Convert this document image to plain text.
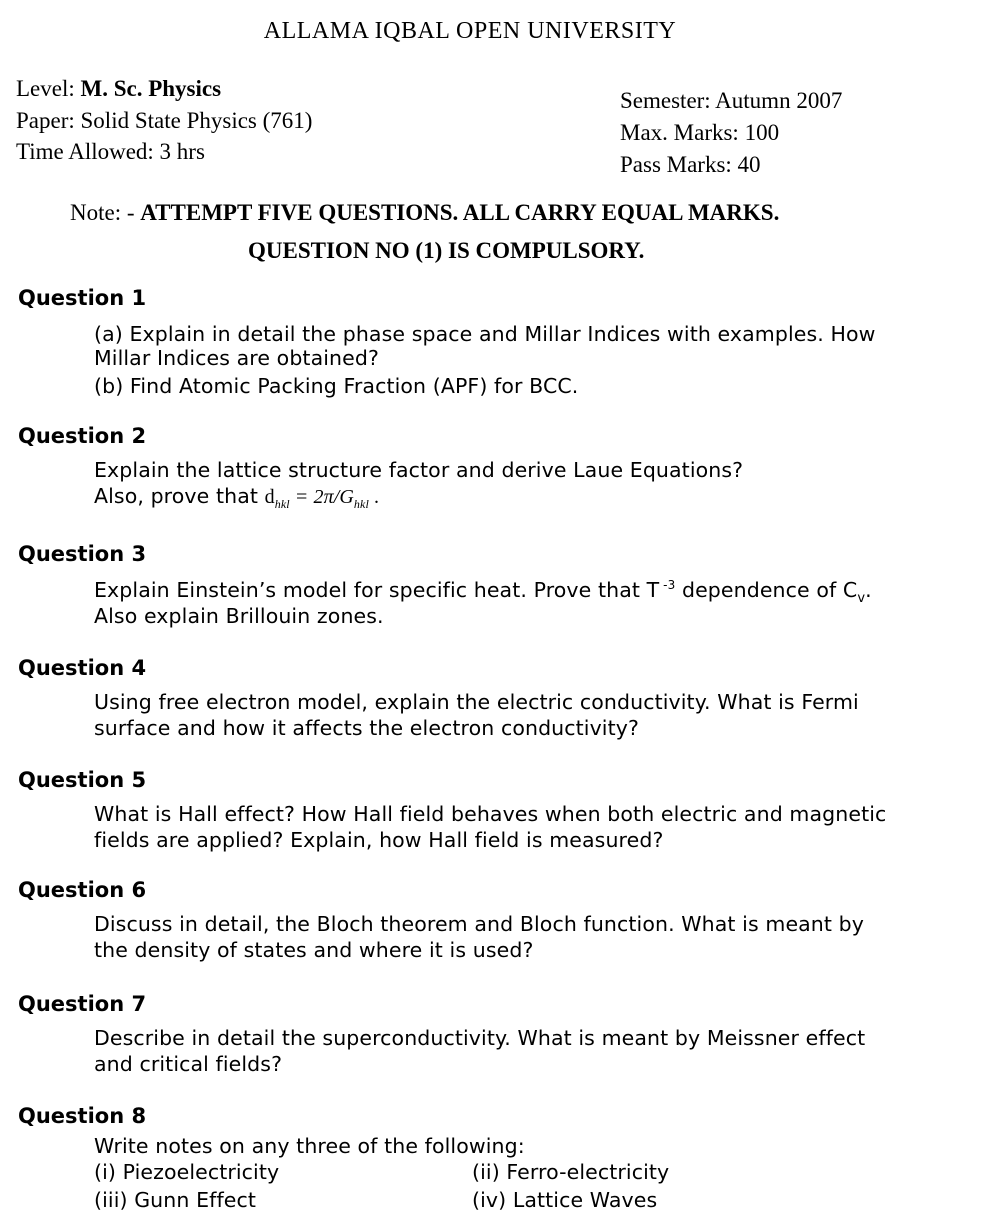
ALLAMA IQBAL OPEN UNIVERSITY
Level: M. Sc. Physics
Paper: Solid State Physics (761)
Time Allowed: 3 hrs
Semester: Autumn 2007
Max. Marks: 100
Pass Marks: 40
Note: - ATTEMPT FIVE QUESTIONS. ALL CARRY EQUAL MARKS.
QUESTION NO (1) IS COMPULSORY.
Question 1
(a) Explain in detail the phase space and Millar Indices with examples. How
Millar Indices are obtained?
(b) Find Atomic Packing Fraction (APF) for BCC.
Question 2
Explain the lattice structure factor and derive Laue Equations?
Also, prove that $d_{hkl} = 2\pi/G_{hkl}$ .
Question 3
Explain Einstein’s model for specific heat. Prove that T $^{-3}$ dependence of $C_v$.
Also explain Brillouin zones.
Question 4
Using free electron model, explain the electric conductivity. What is Fermi
surface and how it affects the electron conductivity?
Question 5
What is Hall effect? How Hall field behaves when both electric and magnetic
fields are applied? Explain, how Hall field is measured?
Question 6
Discuss in detail, the Bloch theorem and Bloch function. What is meant by
the density of states and where it is used?
Question 7
Describe in detail the superconductivity. What is meant by Meissner effect
and critical fields?
Question 8
Write notes on any three of the following:
(i) Piezoelectricity	(ii) Ferro-electricity
(iii) Gunn Effect	(iv) Lattice Waves
